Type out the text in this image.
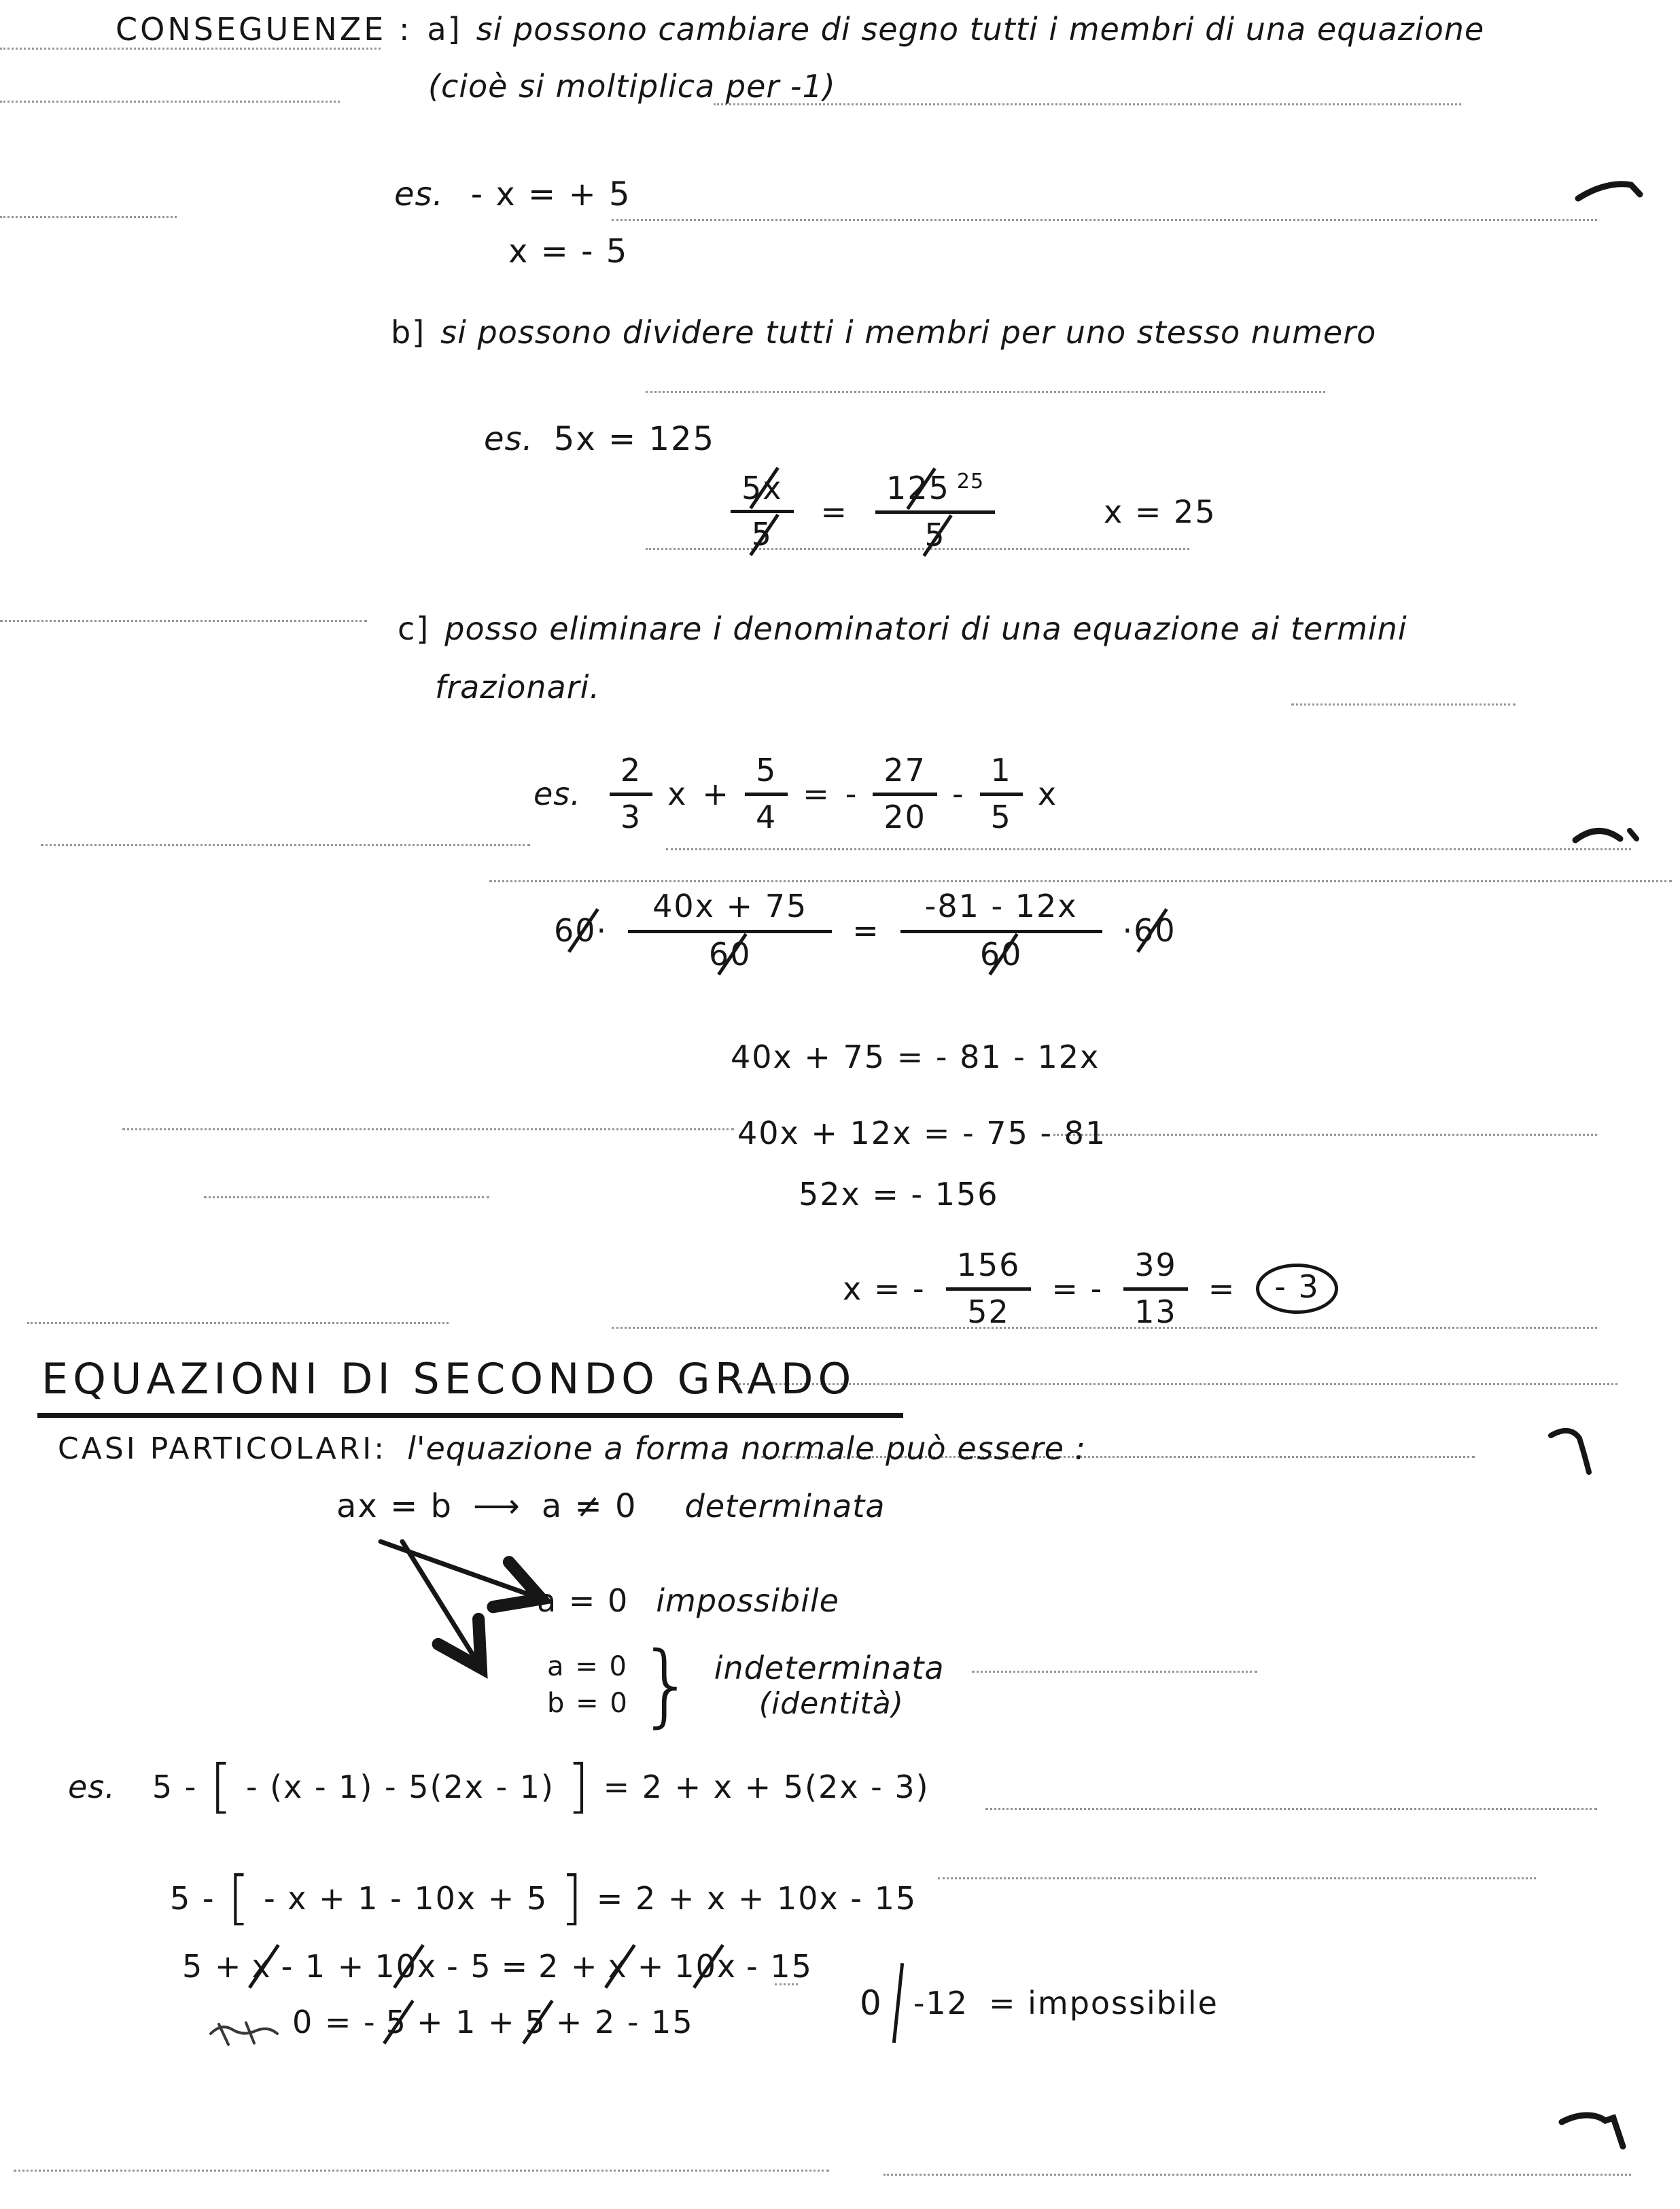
CONSEGUENZE : a] si possono cambiare di segno tutti i membri di una equazione
(cioè si moltiplica per -1)
es. - x = + 5
x = - 5
b] si possono dividere tutti i membri per uno stesso numero
es. 5x = 125
$\frac{5x}{5} = \frac{125 ^{25}}{5}$	x = 25
c] posso eliminare i denominatori di una equazione ai termini
frazionari.
es. $\frac{2}{3}$ $x + \frac{5}{4}$ = - $\frac{27}{20} - \frac{1}{5}$ x
$60\cdot \frac{40x + 75}{60} = \frac{-81 - 12x}{60} \cdot 60$
40x + 75 = - 81 - 12x
40x + 12x = - 75 - 81
52x = - 156
x = - $\frac{156}{52}$ = - $\frac{39}{13}$ =	- 3
EQUAZIONI DI SECONDO GRADO
CASI PARTICOLARI: l'equazione a forma normale può essere :
ax = b ⟶ a ≠ 0 determinata
a = 0 impossibile
a = 0
b = 0 } indeterminata
(identità)
es. 5 - [ - (x - 1) - 5(2x - 1) ] = 2 + x + 5(2x - 3)
5 - [ - x + 1 - 10x + 5 ] = 2 + x + 10x - 15
5 + x - 1 + 10x - 5 = 2 + x + 10x - 15
0 = - 5 + 1 + 5 + 2 - 15	0 -12 = impossibile
